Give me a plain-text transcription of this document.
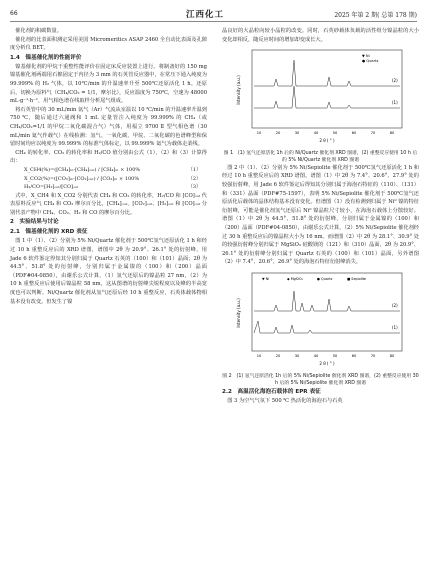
66	江西化工	2025 年第 2 期( 总第 178 期)

催化剂的积碳数量。

催化剂的比表面积测定采用美国 Micromeritics ASAP 2460 全自动比表面及孔隙度分析仪 BET。

1.4　镍基催化剂的性能评价

镍基催化剂的甲烷干重整性能评价在固定床反应装置上进行。将制备好的 150 mg 镍基催化剂两端用石棉固定于内径为 3 mm 的石英管反应器中，在常压下通入纯度为 99.999% 的 H₂ 气体，以 10℃/min 的升温速率升至 500℃还原活化 1 h。还原后，切换为原料气（CH₄/CO₂ = 1/1，摩尔比），反应温度为 750℃，空速为 48000 mL·g⁻¹·h⁻¹，用气相色谱在线取样分析尾气组成。

将石英管中的 30 mL/min 氩气（Ar）气流从室温以 10 ℃/min 的升温速率升温到 750 ℃，随后通过六通阀和 1 mL 定量管注入纯度为 99.999% 的 CH₄（或 CH₄/CO₂=1/1 的甲烷二氧化碳混合气）气体，用福立 9700 Ⅱ 型气相色谱（30 mL/min 氦气作载气）在线检测：氢气、一氧化碳、甲烷、二氧化碳的色谱峰型和保留时间均应以纯度为 99.999% 的标准气体标定，以 99.999% 氦气为载体走柔线。

CH₄ 的转化率、CO₂ 的转化率和 H₂/CO 值分别由公式（1）、（2）和（3）计算得出：

X_CH4(%)=([CH₄]ᵢₙ-[CH₄]ₒᵤₜ) / [CH₄]ᵢₙ × 100%	（1）
X_CO2(%)=([CO₂]ᵢₙ-[CO₂]ₒᵤₜ) / [CO₂]ᵢₙ × 100%	（2）
H₂/CO=[H₂]ₒᵤₜ/[CO]ₒᵤₜ	（3）

式中，X_CH4 和 X_CO2 分别代表 CH₄ 和 CO₂ 的转化率，H₂/CO 和 [CO]ₒᵤₜ 代表原料反应气 CH₄ 和 CO₂ 摩尔百分比，[CH₄]ₒᵤₜ、[CO₂]ₒᵤₜ、[H₂]ₒᵤₜ 和 [CO]ₒᵤₜ 分别代表产物中 CH₄、CO₂、H₂ 和 CO 的摩尔百分比。

2　实验结果与讨论
2.1　镍基催化剂的 XRD 表征

图 1 中（1）、（2）分别为 5% Ni/Quartz 催化剂于 500℃氢气还原活化 1 h 和经过 10 h 重整反应后的 XRD 谱图，谱图中 2θ 为 20.9°、26.1° 处的衍射峰，用 Jade 6 软件鉴定得知其分别归属于 Quartz 石英的（100）和（101）晶面；2θ 为 44.5°、51.8° 处的衍射峰，分别归属于金属镍的（100）和（200）晶面（PDF#04-0850），由谢乐公式计算，（1）氢气还原后的镍晶粒 27 nm，（2）为 10 h 重整反应后使用后镍晶粒 58 nm，这从图谱的衍射峰尖锐程度以及峰的半高宽度也可以判断。Ni/Quartz 催化剂从氢气还原后经 10 h 重整反应，石英体载体物相基本没有改变。但发生了镍

晶良好的大晶粒向较小晶粒的改变。同时，石英砂载体负载的活性组分镍晶粒的大小变化却相反，随反应时间的增加却变成长大。

Intensity (a.u.)	(1)
(2)
▼ Ni
● Quartz
10	20	30	40	50	60	70	80
2 θ ( ° )
图 1　(1) 氢气还原活化 1h 后的 Ni/Quartz 催化剂 XRD 图谱，(2) 重整反应使用 10 h 后的 5% Ni/Quartz 催化剂 XRD 图谱

图 2 中（1）、（2）分别为 5% Ni/Sepiolite 催化剂于 500℃氢气还原活化 1 h 和经过 10 h 重整反应后的 XRD 谱图。谱图（1）中 2θ 为 7.4°、20.6°、27.9° 处的较强衍射峰，用 Jade 6 软件鉴定后得知其分别归属于海泡石特征的（110）、（131）和（331）晶面（PDF#75-1597），表明 5% Ni/Sepiolite 催化剂于 500℃氢气还原活化后载体的晶体结构基本没有变化。但谱图（1）没有检测到归属于 Ni⁰ 镍的特征衍射峰，可能是催化剂氢气还原后 Ni⁰ 镍晶粒尺寸较小，在海泡石载体上分散较好。谱图（1）中 2θ 为 44.5°、51.8° 处的衍射峰，分别归属于金属镍的（100）和（200）晶面（PDF#04-0850），由谢乐公式计算，（2）5% Ni/Sepiolite 催化剂经过 30 h 重整反应后的镍晶粒大小为 16 nm。而谱图（2）中 2θ 为 28.1°、30.9° 处的较强衍射峰分别归属于 MgSiO₃ 硅酸镁的（121）和（310）晶面，2θ 为 20.9°、26.1° 处的衍射峰分别归属于 Quartz 石英的（100）和（101）晶面，另外谱图（2）中 7.4°、20.6°、26.9° 处的海泡石特征衍射峰消失。

Intensity (a.u.)	(1)
(2)
▼ Ni	◆ MgSiO₃	● Quartz	■ Sepiolite
10	20	30	40	50	60	70	80
2 θ ( ° )
图 2　(1) 氢气还原活化 1h 后的 5% Ni/Sepiolite 催化剂 XRD 图谱，(2) 重整反应使用 30 h 后的 5% Ni/Sepiolite 催化剂 XRD 图谱
2.2　高温活化海泡石载体的 EPR 表征

图 3 为空气气氛下 500 ℃ 热活化的海泡石与石英
